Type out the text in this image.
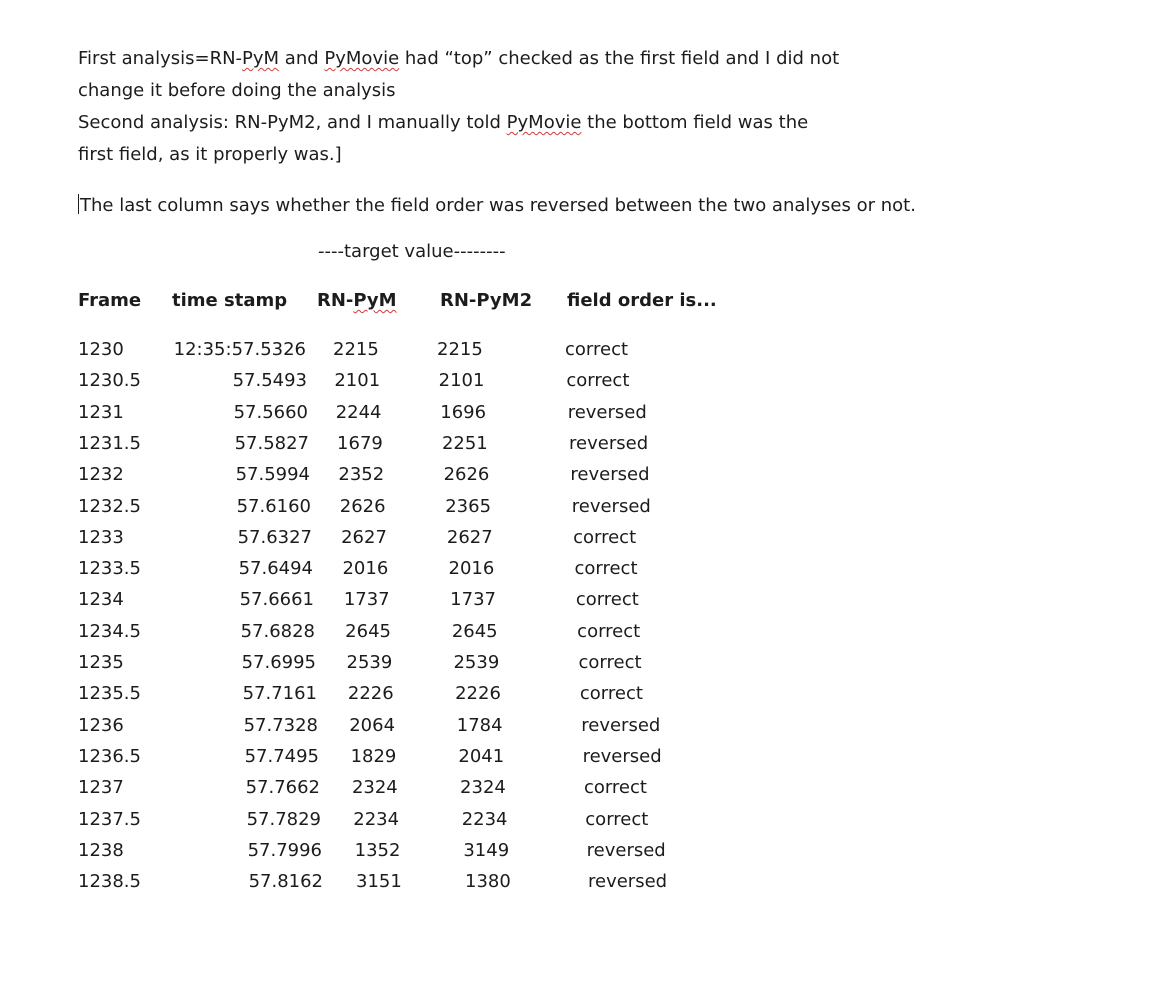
First analysis=RN-PyM and PyMovie had “top” checked as the first field and I did not
change it before doing the analysis
Second analysis: RN-PyM2, and I manually told PyMovie the bottom field was the
first field, as it properly was.]
The last column says whether the field order was reversed between the two analyses or not.
----target value--------
Frame time stamp RN-PyM RN-PyM2 field order is...
1230	12:35:57.5326 2215	2215	correct
1230.5	57.5493 2101	2101	correct
1231	57.5660 2244	1696	reversed
1231.5	57.5827 1679	2251	reversed
1232	57.5994 2352	2626	reversed
1232.5	57.6160 2626	2365	reversed
1233	57.6327 2627	2627	correct
1233.5	57.6494 2016	2016	correct
1234	57.6661 1737	1737	correct
1234.5	57.6828 2645	2645	correct
1235	57.6995 2539	2539	correct
1235.5	57.7161 2226	2226	correct
1236	57.7328 2064	1784	reversed
1236.5	57.7495 1829	2041	reversed
1237	57.7662 2324	2324	correct
1237.5	57.7829 2234	2234	correct
1238	57.7996 1352	3149	reversed
1238.5	57.8162 3151	1380	reversed
